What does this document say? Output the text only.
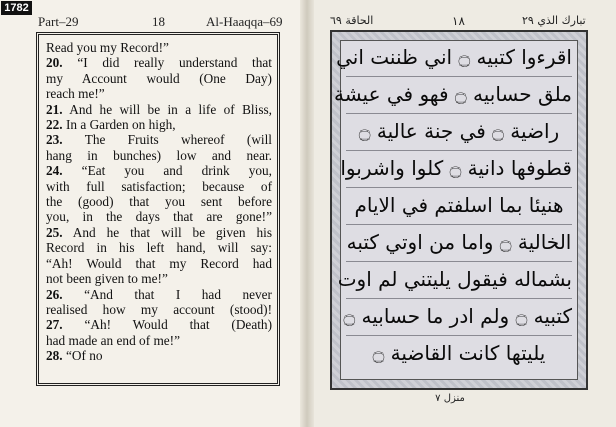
1782
Part–29	18	Al-Haaqqa–69	الحاقة ٦٩	١٨	تبارك الذي ٢٩
Read you my Record!”
20. “I did really understand that
my Account would (One Day)
reach me!”
21. And he will be in a life of Bliss,
22. In a Garden on high,
23. The Fruits whereof (will
hang in bunches) low and near.
24. “Eat you and drink you,
with full satisfaction; because of
the (good) that you sent before
you, in the days that are gone!”
25. And he that will be given his
Record in his left hand, will say:
“Ah! Would that my Record had
not been given to me!”
26. “And that I had never
realised how my account (stood)!
27. “Ah! Would that (Death)
had made an end of me!”
28. “Of no
اقرءوا كتبيه ۝ اني ظننت اني
ملق حسابيه ۝ فهو في عيشة
راضية ۝ في جنة عالية ۝
قطوفها دانية ۝ كلوا واشربوا
هنيئا بما اسلفتم في الايام
الخالية ۝ واما من اوتي كتبه
بشماله فيقول يليتني لم اوت
كتبيه ۝ ولم ادر ما حسابيه ۝
يليتها كانت القاضية ۝
منزل ٧
